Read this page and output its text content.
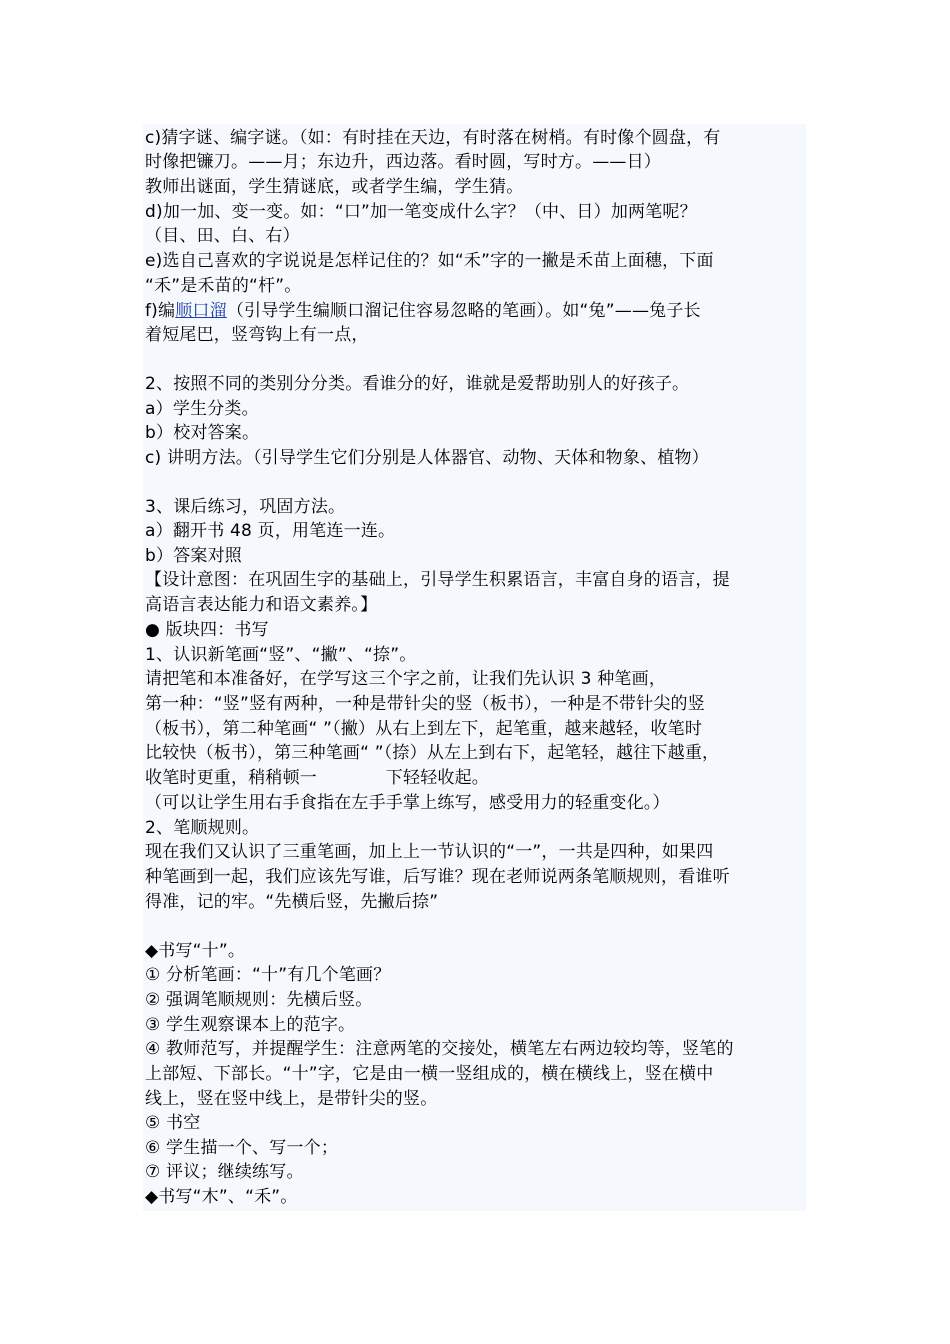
c)猜字谜、编字谜。（如：有时挂在天边，有时落在树梢。有时像个圆盘，有
时像把镰刀。——月；东边升，西边落。看时圆，写时方。——日）
教师出谜面，学生猜谜底，或者学生编，学生猜。
d)加一加、变一变。如：“口”加一笔变成什么字？（中、日）加两笔呢？
（目、田、白、右）
e)选自己喜欢的字说说是怎样记住的？如“禾”字的一撇是禾苗上面穗，下面
“禾”是禾苗的“杆”。
f)编顺口溜（引导学生编顺口溜记住容易忽略的笔画）。如“兔”——兔子长
着短尾巴，竖弯钩上有一点，
2、按照不同的类别分分类。看谁分的好，谁就是爱帮助别人的好孩子。
a）学生分类。
b）校对答案。
c) 讲明方法。（引导学生它们分别是人体器官、动物、天体和物象、植物）
3、课后练习，巩固方法。
a）翻开书 48 页，用笔连一连。
b）答案对照
【设计意图：在巩固生字的基础上，引导学生积累语言，丰富自身的语言，提
高语言表达能力和语文素养。】
● 版块四：书写
1、认识新笔画“竖”、“撇”、“捺”。
请把笔和本准备好，在学写这三个字之前，让我们先认识 3 种笔画，
第一种：“竖”竖有两种，一种是带针尖的竖（板书），一种是不带针尖的竖
（板书），第二种笔画“ ”（撇）从右上到左下，起笔重，越来越轻，收笔时
比较快（板书），第三种笔画“ ”（捺）从左上到右下，起笔轻，越往下越重，
收笔时更重，稍稍顿一　　　　下轻轻收起。
（可以让学生用右手食指在左手手掌上练写，感受用力的轻重变化。）
2、笔顺规则。
现在我们又认识了三重笔画，加上上一节认识的“一”，一共是四种，如果四
种笔画到一起，我们应该先写谁，后写谁？现在老师说两条笔顺规则，看谁听
得准，记的牢。“先横后竖，先撇后捺”
◆书写“十”。
① 分析笔画：“十”有几个笔画？
② 强调笔顺规则：先横后竖。
③ 学生观察课本上的范字。
④ 教师范写，并提醒学生：注意两笔的交接处，横笔左右两边较均等，竖笔的
上部短、下部长。“十”字，它是由一横一竖组成的，横在横线上，竖在横中
线上，竖在竖中线上，是带针尖的竖。
⑤ 书空
⑥ 学生描一个、写一个；
⑦ 评议；继续练写。
◆书写“木”、“禾”。
